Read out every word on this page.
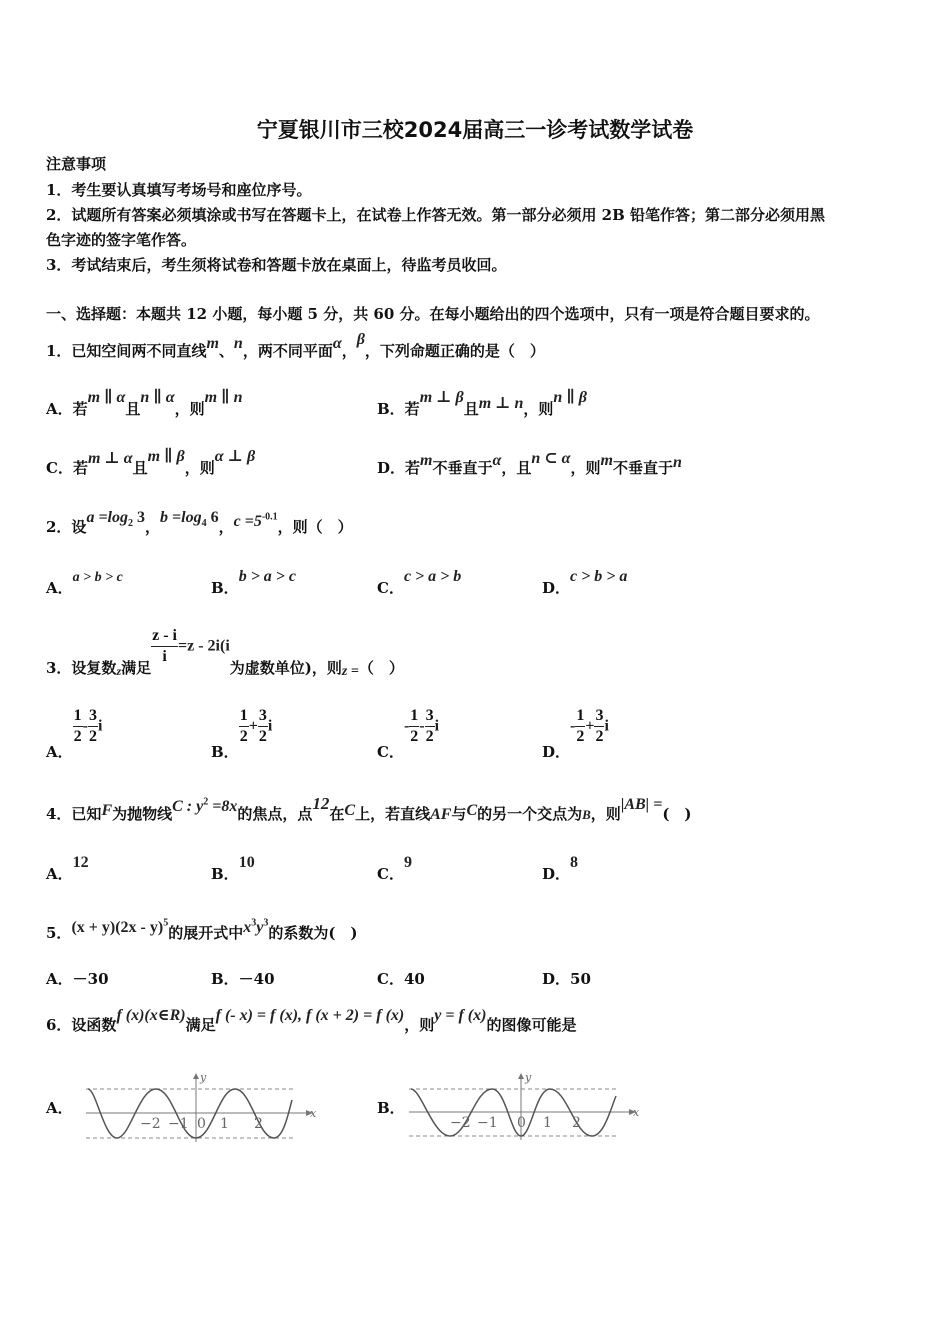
宁夏银川市三校2024届高三一诊考试数学试卷
注意事项
1．考生要认真填写考场号和座位序号。
2．试题所有答案必须填涂或书写在答题卡上，在试卷上作答无效。第一部分必须用 2B 铅笔作答；第二部分必须用黑
色字迹的签字笔作答。
3．考试结束后，考生须将试卷和答题卡放在桌面上，待监考员收回。
一、选择题：本题共 12 小题，每小题 5 分，共 60 分。在每小题给出的四个选项中，只有一项是符合题目要求的。
1．已知空间两不同直线m、n，两不同平面α，β，下列命题正确的是（　）
A．若m ∥ α且n ∥ α，则m ∥ n
B．若m ⊥ β且m ⊥ n，则n ∥ β
C．若m ⊥ α且m ∥ β，则α ⊥ β
D．若m不垂直于α，且n ⊂ α，则m不垂直于n
2．设$a =\log_2$ 3，$b =\log_4$ 6，$c =5^{-0.1}$，则（　）
A．a > b > c
B．b > a > c
C．c > a > b
D．c > b > a
3．设复数$_z$满足
$\frac{z - i}{i} =z - 2i(i$为虚数单位)，则z =（　）
A．
$\frac{1}{2} - \frac{3}{2}$ i
B．
$\frac{1}{2} + \frac{3}{2}$ i
C．- $\frac{1}{2} - \frac{3}{2}$ i
D．- $\frac{1}{2} + \frac{3}{2}$ i
4．已知F为抛物线C : $y^2 =8x$的焦点，点12在C上，若直线AF与C的另一个交点为B，则|AB| =(　)
A．12
B．10
C．9
D．8
5．(x + y)(2x - y)$^5$的展开式中$x^3y^3$的系数为(　)
A．－30	B．－40	C．40	D．50
6．设函数f (x)(x∈R)满足f (- x) = f (x), f (x + 2) = f (x)，则y = f (x)的图像可能是
A．	x
y
−2 −1 0 1 2
B．	x
y
−2 −1 0 1 2
